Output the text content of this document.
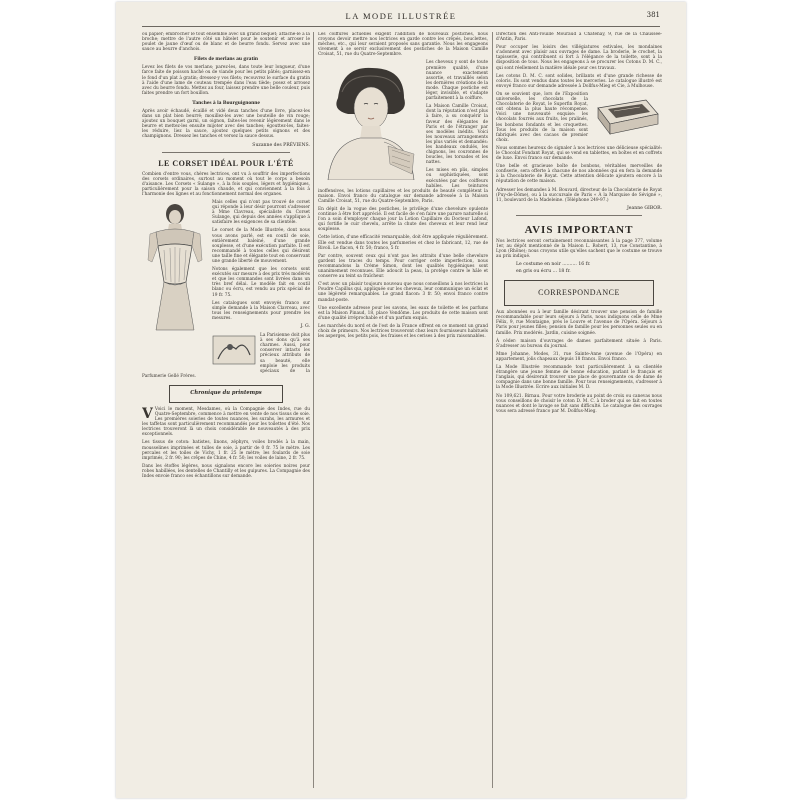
LA MODE ILLUSTRÉE	381

ou papier; embrocher le tout ensemble avec un grand béquet; attache-le à la broche; mettre de l'autre côté un hâtelet pour le soutenir et arroser le poulet de jaune d'œuf ou de blanc et de beurre fondu. Servez avec une sauce au beurre d'anchois.

Filets de merlans au gratin

Levez les filets de vos merlans; parez-les, dans toute leur longueur, d'une farce faite de poisson haché ou de viande pour les petits pâtés; garnissez-en le fond d'un plat à gratin; dressez-y vos filets; recouvrez le surface du gratin à l'aide d'une lame de couteau trempée dans l'eau tiède; posez et arrosez avec du beurre fondu. Mettez au four, laissez prendre une belle couleur, puis faites prendre un fort bouillon.

Tanches à la Bourguignonne

Après avoir échaudé, écaillé et vidé deux tanches d'une livre, placez-les dans un plat bien beurré; mouillez-les avec une bouteille de vin rouge; ajoutez un bouquet garni, un oignon, faites-les revenir légèrement dans le beurre et mettez-les ensuite mijoter avec des tanches; égouttez-les, faites-les réduire, liez la sauce, ajoutez quelques petits oignons et des champignons. Dressez les tanches et versez la sauce dessus.

Suzanne des PRÉVIENS.
LE CORSET IDÉAL POUR L'ÉTÉ

Combien d'entre vous, chères lectrices, ont vu à souffrir des imperfections des corsets ordinaires, surtout au moment où tout le corps a besoin d'aisance. Les Corsets « Sulange », à la fois souples, légers et hygiéniques, particulièrement pour la saison chaude, et qui conviennent à la fois à l'harmonie des lignes et au fonctionnement normal des organes.

Mais celles qui n'ont pas trouvé de corset qui réponde à leur désir pourront s'adresser à Mme Clavreau, spécialiste du Corset Sulange, qui depuis des années s'applique à satisfaire les exigences de sa clientèle.

Le corset de la Mode Illustrée, dont nous vous avons parlé, est en coutil de soie, entièrement baleiné, d'une grande souplesse, et d'une exécution parfaite. Il est recommandé à toutes celles qui désirent une taille fine et élégante tout en conservant une grande liberté de mouvement.

Notons également que les corsets sont exécutés sur mesure à des prix très modérés et que les commandes sont livrées dans un très bref délai. Le modèle fait en coutil blanc ou écru, est vendu au prix spécial de 19 fr. 75.

Les catalogues sont envoyés franco sur simple demande à la Maison Clavreau, avec tous les renseignements pour prendre les mesures.

J. G.

La Parisienne doit plus à ses dons qu'à ses charmes. Aussi, pour conserver intacts les précieux attributs de sa beauté, elle emploie les produits spéciaux de la Parfumerie Gellé Frères.

Chronique du printemps

V Voici le moment, Mesdames, où la Compagnie des Indes, rue du Quatre-Septembre, commence à mettre en vente de nos tissus de soie. Les premières soieries de toutes nuances, les surahs, les armures et les taffetas sont particulièrement recommandés pour les toilettes d'été. Nos lectrices trouveront là un choix considérable de nouveautés à des prix exceptionnels.

Les tissus de coton: batistes, linons, zéphyrs, voiles brodés à la main, mousselines imprimées et tulles de soie, à partir de 0 fr. 75 le mètre. Les percales et les toiles de Vichy, 1 fr. 25 le mètre; les foulards de soie imprimés, 2 fr. 90; les crêpes de Chine, 4 fr. 50; les voiles de laine, 2 fr. 75.

Dans les étoffes légères, nous signalons encore les soieries noires pour robes habillées, les dentelles de Chantilly et les guipures. La Compagnie des Indes envoie franco ses échantillons sur demande.

Les coiffures actuelles exigent l'addition de nouveaux postiches, nous croyons devoir mettre nos lectrices en garde contre les crêpés, bouclettes, mèches, etc., qui leur seraient proposés sans garantie. Nous les engageons vivement à se servir exclusivement des postiches de la Maison Camille Croisat, 51, rue du Quatre-Septembre.

Les cheveux y sont de toute première qualité, d'une nuance exactement assortie, et travaillés selon les dernières créations de la mode. Chaque postiche est léger, invisible, et s'adapte parfaitement à la coiffure.

La Maison Camille Croisat, dont la réputation n'est plus à faire, a su conquérir la faveur des élégantes de Paris et de l'étranger par ses modèles inédits. Voici les nouveaux arrangements les plus variés et demandés: les bandeaux ondulés, les chignons, les couronnes de boucles, les torsades et les nattes.

Les mises en plis, simples ou sophistiquées, sont exécutées par des coiffeurs habiles. Les teintures inoffensives, les lotions capillaires et les produits de beauté complètent la maison. Envoi franco du catalogue sur demande adressée à la Maison Camille Croisat, 51, rue du Quatre-Septembre, Paris.

En dépit de la vogue des postiches, le privilège d'une chevelure opulente continue à être fort apprécié. Il est facile de s'en faire une parure naturelle si l'on a soin d'employer chaque jour la Lotion Capillaire du Docteur Lafond, qui fortifie le cuir chevelu, arrête la chute des cheveux et leur rend leur souplesse.

Cette lotion, d'une efficacité remarquable, doit être appliquée régulièrement. Elle est vendue dans toutes les parfumeries et chez le fabricant, 12, rue de Rivoli. Le flacon, 4 fr. 50; franco, 5 fr.

Par contre, souvent ceux qui n'ont pas les attraits d'une belle chevelure gardent les traces du temps. Pour corriger cette imperfection, nous recommandons la Crème Simon, dont les qualités hygiéniques sont unanimement reconnues. Elle adoucit la peau, la protège contre le hâle et conserve au teint sa fraîcheur.

C'est avec un plaisir toujours nouveau que nous conseillons à nos lectrices la Poudre Capillus qui, appliquée sur les cheveux, leur communique un éclat et une légèreté remarquables. Le grand flacon: 3 fr. 50; envoi franco contre mandat-poste.

Une excellente adresse pour les savons, les eaux de toilette et les parfums est la Maison Pinaud, 18, place Vendôme. Les produits de cette maison sont d'une qualité irréprochable et d'un parfum exquis.

Les marchés du nord et de l'est de la France offrent en ce moment un grand choix de primeurs. Nos lectrices trouveront chez leurs fournisseurs habituels les asperges, les petits pois, les fraises et les cerises à des prix raisonnables.

Direction des Anti-rouille Mouraud à Chatenay, 9, rue de la Chaussée-d'Antin, Paris.

Pour occuper les loisirs des villégiatures estivales, les mondaines s'adonnent avec plaisir aux ouvrages de dame. La broderie, le crochet, la tapisserie, qui contribuent si fort à l'élégance de la toilette, sont à la disposition de tous. Nous les engageons à se procurer les Cotons D. M. C., qui sont réellement la matière idéale pour ces travaux.

Les cotons D. M. C. sont solides, brillants et d'une grande richesse de coloris. Ils sont vendus dans toutes les merceries. Le catalogue illustré est envoyé franco sur demande adressée à Dollfus-Mieg et Cie, à Mulhouse.

On se souvient que, lors de l'Exposition universelle, les chocolats de la Chocolaterie de Royat, le Superfin Royat, ont obtenu la plus haute récompense. Voici une nouveauté exquise: les chocolats fourrés aux fruits, les pralinés, les bonbons fondants et les croquettes. Tous les produits de la maison sont fabriqués avec des cacaos de premier choix.

Nous sommes heureux de signaler à nos lectrices une délicieuse spécialité: le Chocolat Fondant Royat, qui se vend en tablettes, en boîtes et en coffrets de luxe. Envoi franco sur demande.

Une belle et gracieuse boîte de bonbons, véritables merveilles de confiserie, sera offerte à chacune de nos abonnées qui en fera la demande à la Chocolaterie de Royat. Cette attention délicate ajoutera encore à la réputation de cette maison.

Adresser les demandes à M. Bouvard, directeur de la Chocolaterie de Royat (Puy-de-Dôme), ou à la succursale de Paris « À la Marquise de Sévigné », 11, boulevard de la Madeleine. (Téléphone 249-97.)

Jeanne GIBOR.
AVIS IMPORTANT

Nos lectrices seront certainement reconnaissantes à la page 377, volume 1er, au dépôt mentionné de la Maison L. Robert, 13, rue Constantine, à Lyon (Rhône); nous croyons utile qu'elles sachent que le costume se trouve au prix indiqué.

Le costume en noir .......... 16 fr.
en gris ou écru ... 18 fr.
CORRESPONDANCE

Aux abonnées ou à leur famille désirant trouver une pension de famille recommandable pour leurs séjours à Paris, nous indiquons celle de Mme Félix, 9, rue Montaigne, près le Louvre et l'avenue de l'Opéra. Séjours à Paris pour jeunes filles; pension de famille pour les personnes seules ou en famille. Prix modérés. Jardin, cuisine soignée.

À céder: maison d'ouvrages de dames parfaitement située à Paris. S'adresser au bureau du journal.

Mme Johanne, Modes, 31, rue Sainte-Anne (avenue de l'Opéra) en appartement, jolis chapeaux depuis 18 francs. Envoi franco.

La Mode Illustrée recommande tout particulièrement à sa clientèle étrangère une jeune femme de bonne éducation, parlant le français et l'anglais, qui désirerait trouver une place de gouvernante ou de dame de compagnie dans une bonne famille. Pour tous renseignements, s'adresser à la Mode Illustrée. Ecrire aux initiales M. D.

No 109,621. Birnau. Pour votre broderie au point de croix ou canevas nous vous conseillons de choisir le coton D. M. C. à broder qui se fait en toutes nuances et dont le lavage se fait sans difficulté. Le catalogue des ouvrages vous sera adressé franco par M. Dollfus-Mieg.
